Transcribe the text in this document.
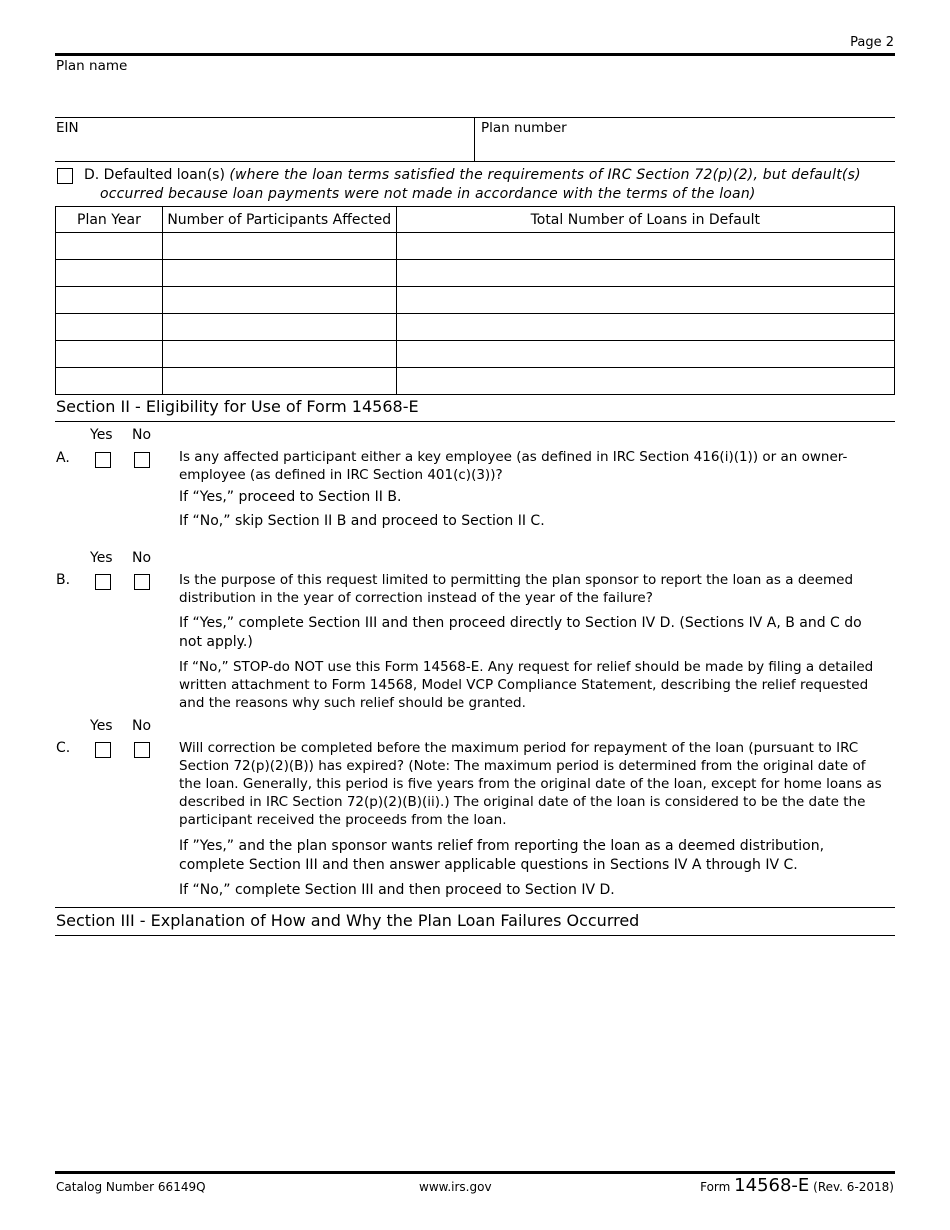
Page 2
Plan name
EIN	Plan number
D. Defaulted loan(s) (where the loan terms satisfied the requirements of IRC Section 72(p)(2), but default(s)
occurred because loan payments were not made in accordance with the terms of the loan)
Plan Year	Number of Participants Affected	Total Number of Loans in Default

Section II - Eligibility for Use of Form 14568-E
Yes No
A.	Is any affected participant either a key employee (as defined in IRC Section 416(i)(1)) or an owner-employee (as defined in IRC Section 401(c)(3))?
If “Yes,” proceed to Section II B.
If “No,” skip Section II B and proceed to Section II C.
Yes No
B.	Is the purpose of this request limited to permitting the plan sponsor to report the loan as a deemed distribution in the year of correction instead of the year of the failure?
If “Yes,” complete Section III and then proceed directly to Section IV D. (Sections IV A, B and C do not apply.)
If “No,” STOP-do NOT use this Form 14568-E. Any request for relief should be made by filing a detailed written attachment to Form 14568, Model VCP Compliance Statement, describing the relief requested and the reasons why such relief should be granted.
Yes No
C.	Will correction be completed before the maximum period for repayment of the loan (pursuant to IRC Section 72(p)(2)(B)) has expired? (Note: The maximum period is determined from the original date of the loan. Generally, this period is five years from the original date of the loan, except for home loans as described in IRC Section 72(p)(2)(B)(ii).) The original date of the loan is considered to be the date the participant received the proceeds from the loan.
If ”Yes,” and the plan sponsor wants relief from reporting the loan as a deemed distribution, complete Section III and then answer applicable questions in Sections IV A through IV C.
If “No,” complete Section III and then proceed to Section IV D.
Section III - Explanation of How and Why the Plan Loan Failures Occurred
Catalog Number 66149Q	www.irs.gov	Form 14568-E (Rev. 6-2018)
